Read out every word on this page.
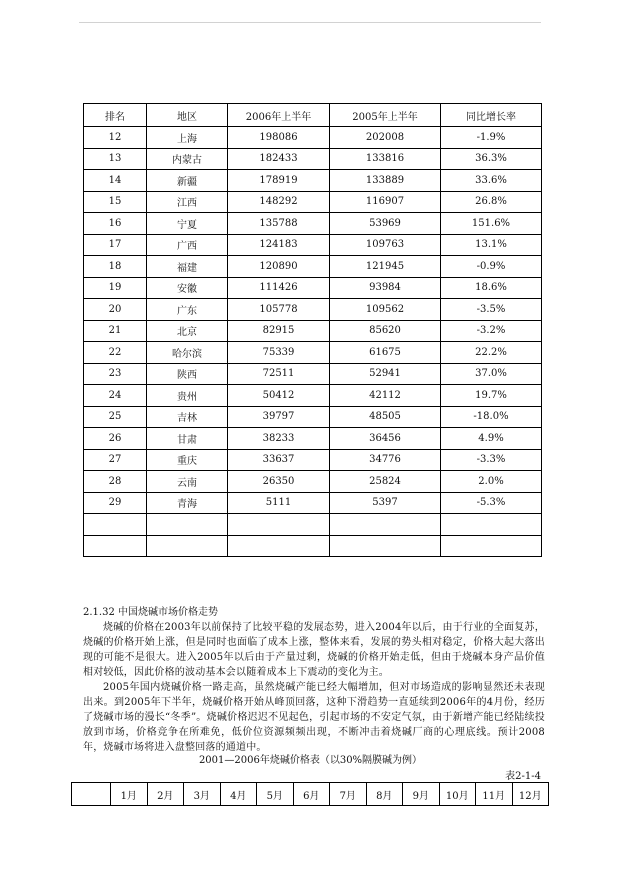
排名	地区	2006年上半年	2005年上半年	同比增长率
12	上海	198086	202008	-1.9%
13	内蒙古	182433	133816	36.3%
14	新疆	178919	133889	33.6%
15	江西	148292	116907	26.8%
16	宁夏	135788	53969	151.6%
17	广西	124183	109763	13.1%
18	福建	120890	121945	-0.9%
19	安徽	111426	93984	18.6%
20	广东	105778	109562	-3.5%
21	北京	82915	85620	-3.2%
22	哈尔滨	75339	61675	22.2%
23	陕西	72511	52941	37.0%
24	贵州	50412	42112	19.7%
25	吉林	39797	48505	-18.0%
26	甘肃	38233	36456	4.9%
27	重庆	33637	34776	-3.3%
28	云南	26350	25824	2.0%
29	青海	5111	5397	-5.3%

2.1.32 中国烧碱市场价格走势

烧碱的价格在2003年以前保持了比较平稳的发展态势，进入2004年以后，由于行业的全面复苏，烧碱的价格开始上涨，但是同时也面临了成本上涨，整体来看，发展的势头相对稳定，价格大起大落出现的可能不是很大。进入2005年以后由于产量过剩，烧碱的价格开始走低，但由于烧碱本身产品价值相对较低，因此价格的波动基本会以随着成本上下震动的变化为主。

2005年国内烧碱价格一路走高，虽然烧碱产能已经大幅增加，但对市场造成的影响显然还未表现出来。到2005年下半年，烧碱价格开始从峰顶回落，这种下滑趋势一直延续到2006年的4月份，经历了烧碱市场的漫长“冬季”。烧碱价格迟迟不见起色，引起市场的不安定气氛，由于新增产能已经陆续投放到市场，价格竞争在所难免，低价位资源频频出现，不断冲击着烧碱厂商的心理底线。预计2008年，烧碱市场将进入盘整回落的通道中。

2001—2006年烧碱价格表（以30%隔膜碱为例）
表2-1-4
	1月	2月	3月	4月	5月	6月	7月	8月	9月	10月	11月	12月
